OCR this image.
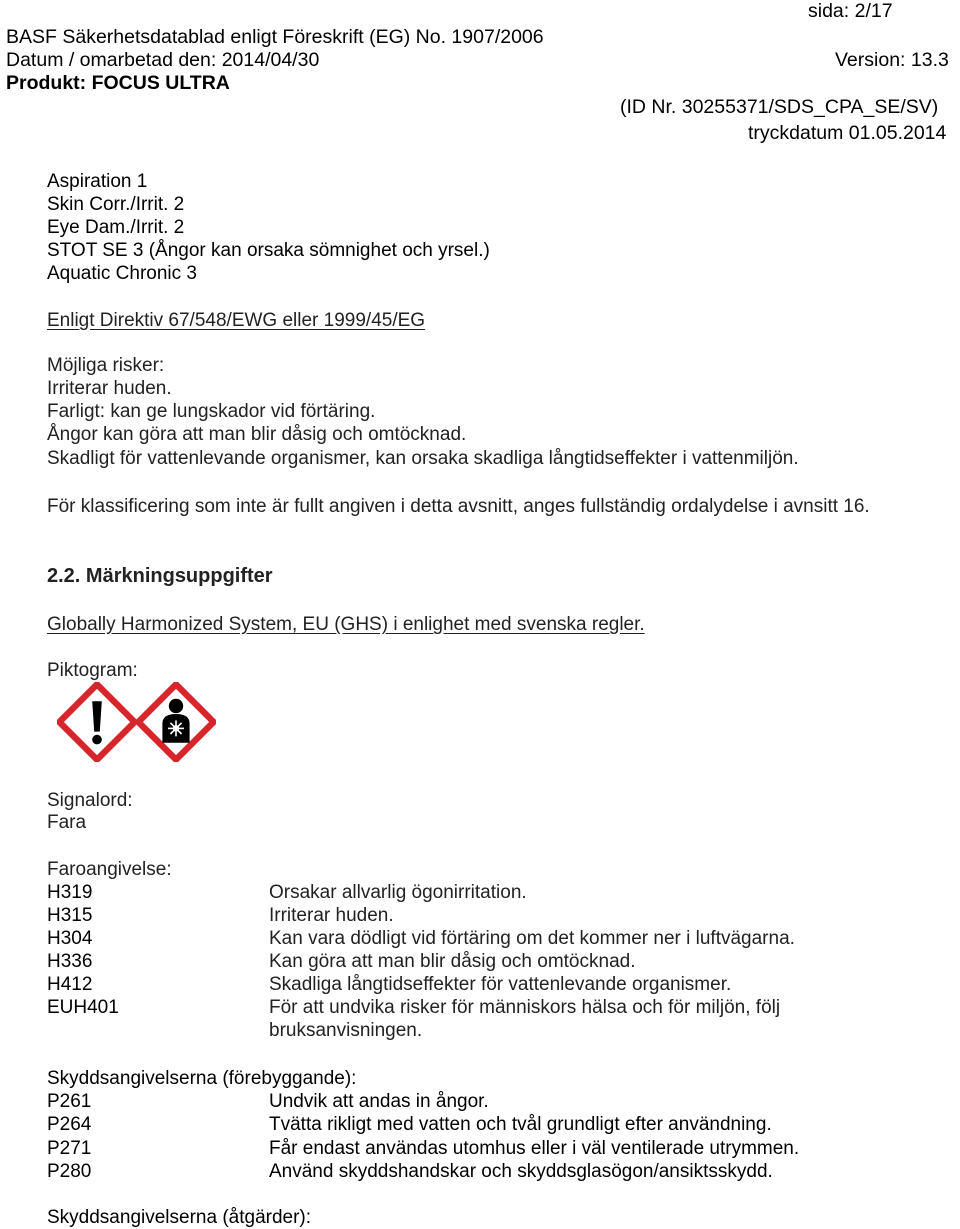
sida: 2/17
BASF Säkerhetsdatablad enligt Föreskrift (EG) No. 1907/2006
Datum / omarbetad den: 2014/04/30	Version: 13.3
Produkt: FOCUS ULTRA
(ID Nr. 30255371/SDS_CPA_SE/SV)
tryckdatum 01.05.2014
Aspiration 1
Skin Corr./Irrit. 2
Eye Dam./Irrit. 2
STOT SE 3 (Ångor kan orsaka sömnighet och yrsel.)
Aquatic Chronic 3
Enligt Direktiv 67/548/EWG eller 1999/45/EG
Möjliga risker:
Irriterar huden.
Farligt: kan ge lungskador vid förtäring.
Ångor kan göra att man blir dåsig och omtöcknad.
Skadligt för vattenlevande organismer, kan orsaka skadliga långtidseffekter i vattenmiljön.
För klassificering som inte är fullt angiven i detta avsnitt, anges fullständig ordalydelse i avnsitt 16.
2.2. Märkningsuppgifter
Globally Harmonized System, EU (GHS) i enlighet med svenska regler.
Piktogram:
Signalord:
Fara
Faroangivelse:
H319	Orsakar allvarlig ögonirritation.
H315	Irriterar huden.
H304	Kan vara dödligt vid förtäring om det kommer ner i luftvägarna.
H336	Kan göra att man blir dåsig och omtöcknad.
H412	Skadliga långtidseffekter för vattenlevande organismer.
EUH401	För att undvika risker för människors hälsa och för miljön, följ
bruksanvisningen.
Skyddsangivelserna (förebyggande):
P261	Undvik att andas in ångor.
P264	Tvätta rikligt med vatten och tvål grundligt efter användning.
P271	Får endast användas utomhus eller i väl ventilerade utrymmen.
P280	Använd skyddshandskar och skyddsglasögon/ansiktsskydd.
Skyddsangivelserna (åtgärder):
